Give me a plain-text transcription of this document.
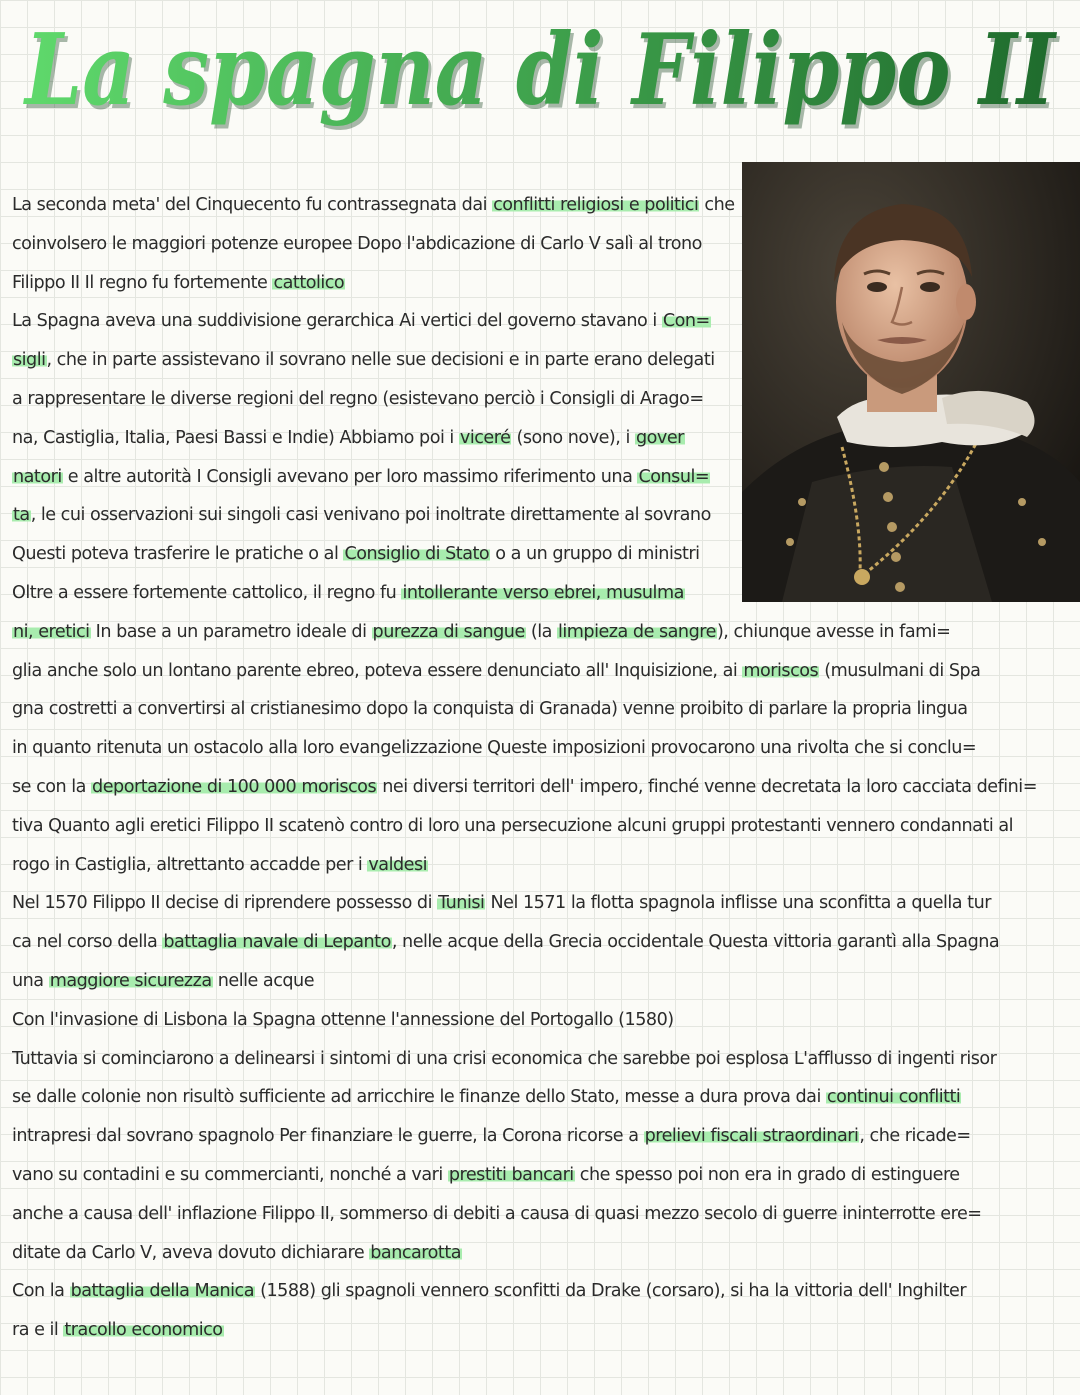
La spagna di Filippo II
La spagna di Filippo II
La seconda meta' del Cinquecento fu contrassegnata dai conflitti religiosi e politici che
coinvolsero le maggiori potenze europee Dopo l'abdicazione di Carlo V salì al trono
Filippo II Il regno fu fortemente cattolico
La Spagna aveva una suddivisione gerarchica Ai vertici del governo stavano i Con=
sigli, che in parte assistevano il sovrano nelle sue decisioni e in parte erano delegati
a rappresentare le diverse regioni del regno (esistevano perciò i Consigli di Arago=
na, Castiglia, Italia, Paesi Bassi e Indie) Abbiamo poi i viceré (sono nove), i gover
natori e altre autorità I Consigli avevano per loro massimo riferimento una Consul=
ta, le cui osservazioni sui singoli casi venivano poi inoltrate direttamente al sovrano
Questi poteva trasferire le pratiche o al Consiglio di Stato o a un gruppo di ministri
Oltre a essere fortemente cattolico, il regno fu intollerante verso ebrei, musulma
ni, eretici In base a un parametro ideale di purezza di sangue (la limpieza de sangre), chiunque avesse in fami=
glia anche solo un lontano parente ebreo, poteva essere denunciato all' Inquisizione, ai moriscos (musulmani di Spa
gna costretti a convertirsi al cristianesimo dopo la conquista di Granada) venne proibito di parlare la propria lingua
in quanto ritenuta un ostacolo alla loro evangelizzazione Queste imposizioni provocarono una rivolta che si conclu=
se con la deportazione di 100 000 moriscos nei diversi territori dell' impero, finché venne decretata la loro cacciata defini=
tiva Quanto agli eretici Filippo II scatenò contro di loro una persecuzione alcuni gruppi protestanti vennero condannati al
rogo in Castiglia, altrettanto accadde per i valdesi
Nel 1570 Filippo II decise di riprendere possesso di Tunisi Nel 1571 la flotta spagnola inflisse una sconfitta a quella tur
ca nel corso della battaglia navale di Lepanto, nelle acque della Grecia occidentale Questa vittoria garantì alla Spagna
una maggiore sicurezza nelle acque
Con l'invasione di Lisbona la Spagna ottenne l'annessione del Portogallo (1580)
Tuttavia si cominciarono a delinearsi i sintomi di una crisi economica che sarebbe poi esplosa L'afflusso di ingenti risor
se dalle colonie non risultò sufficiente ad arricchire le finanze dello Stato, messe a dura prova dai continui conflitti
intrapresi dal sovrano spagnolo Per finanziare le guerre, la Corona ricorse a prelievi fiscali straordinari, che ricade=
vano su contadini e su commercianti, nonché a vari prestiti bancari che spesso poi non era in grado di estinguere
anche a causa dell' inflazione Filippo II, sommerso di debiti a causa di quasi mezzo secolo di guerre ininterrotte ere=
ditate da Carlo V, aveva dovuto dichiarare bancarotta
Con la battaglia della Manica (1588) gli spagnoli vennero sconfitti da Drake (corsaro), si ha la vittoria dell' Inghilter
ra e il tracollo economico
